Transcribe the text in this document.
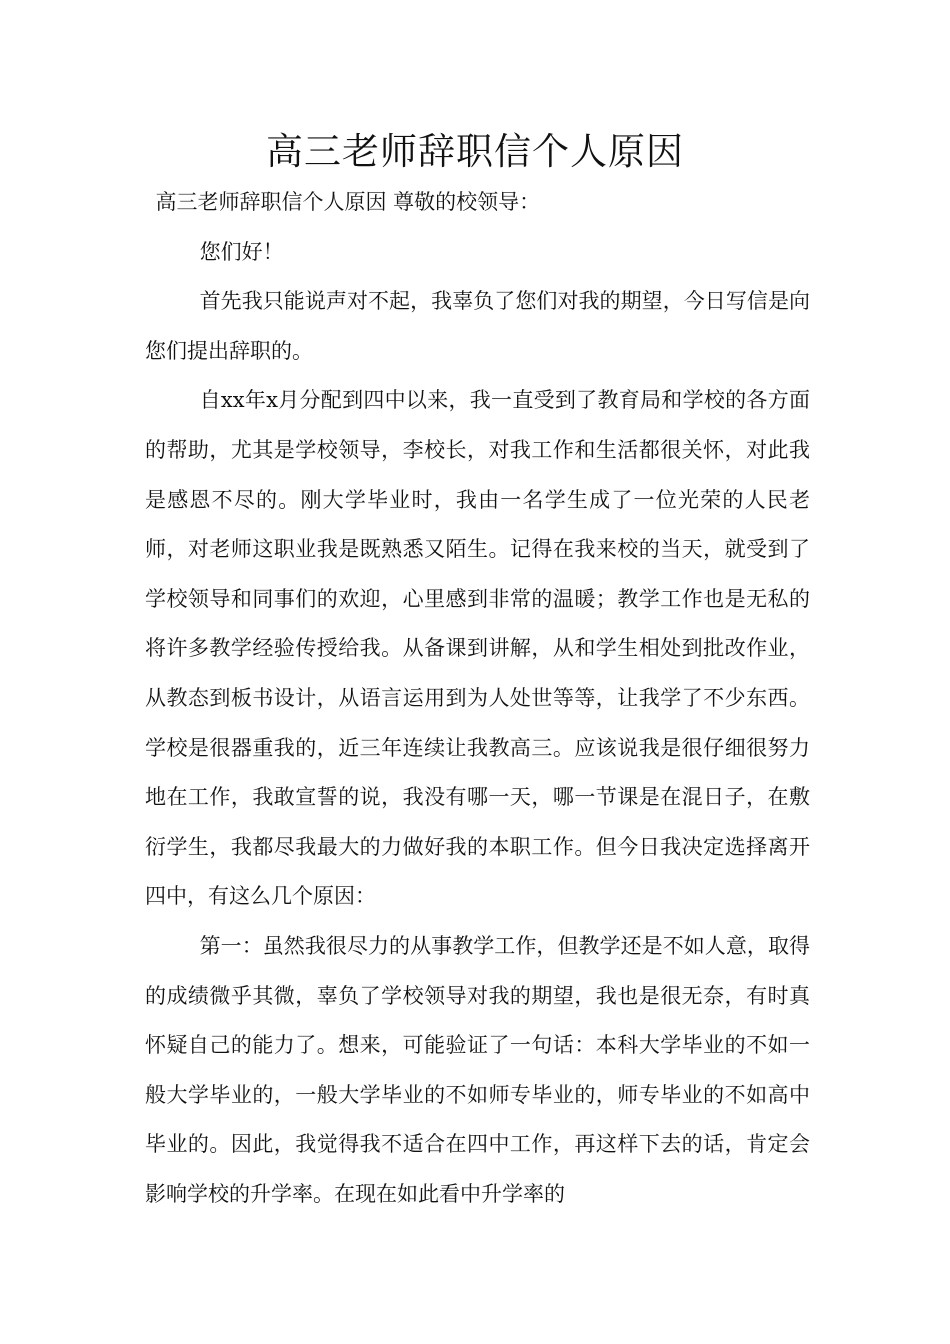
高三老师辞职信个人原因

高三老师辞职信个人原因 尊敬的校领导：

您们好！

首先我只能说声对不起，我辜负了您们对我的期望，今日写信是向您们提出辞职的。

自xx年x月分配到四中以来，我一直受到了教育局和学校的各方面的帮助，尤其是学校领导，李校长，对我工作和生活都很关怀，对此我是感恩不尽的。刚大学毕业时，我由一名学生成了一位光荣的人民老师，对老师这职业我是既熟悉又陌生。记得在我来校的当天，就受到了学校领导和同事们的欢迎，心里感到非常的温暖；教学工作也是无私的将许多教学经验传授给我。从备课到讲解，从和学生相处到批改作业，从教态到板书设计，从语言运用到为人处世等等，让我学了不少东西。学校是很器重我的，近三年连续让我教高三。应该说我是很仔细很努力地在工作，我敢宣誓的说，我没有哪一天，哪一节课是在混日子，在敷衍学生，我都尽我最大的力做好我的本职工作。但今日我决定选择离开四中，有这么几个原因：

第一：虽然我很尽力的从事教学工作，但教学还是不如人意，取得的成绩微乎其微，辜负了学校领导对我的期望，我也是很无奈，有时真怀疑自己的能力了。想来，可能验证了一句话：本科大学毕业的不如一般大学毕业的，一般大学毕业的不如师专毕业的，师专毕业的不如高中毕业的。因此，我觉得我不适合在四中工作，再这样下去的话，肯定会影响学校的升学率。在现在如此看中升学率的
